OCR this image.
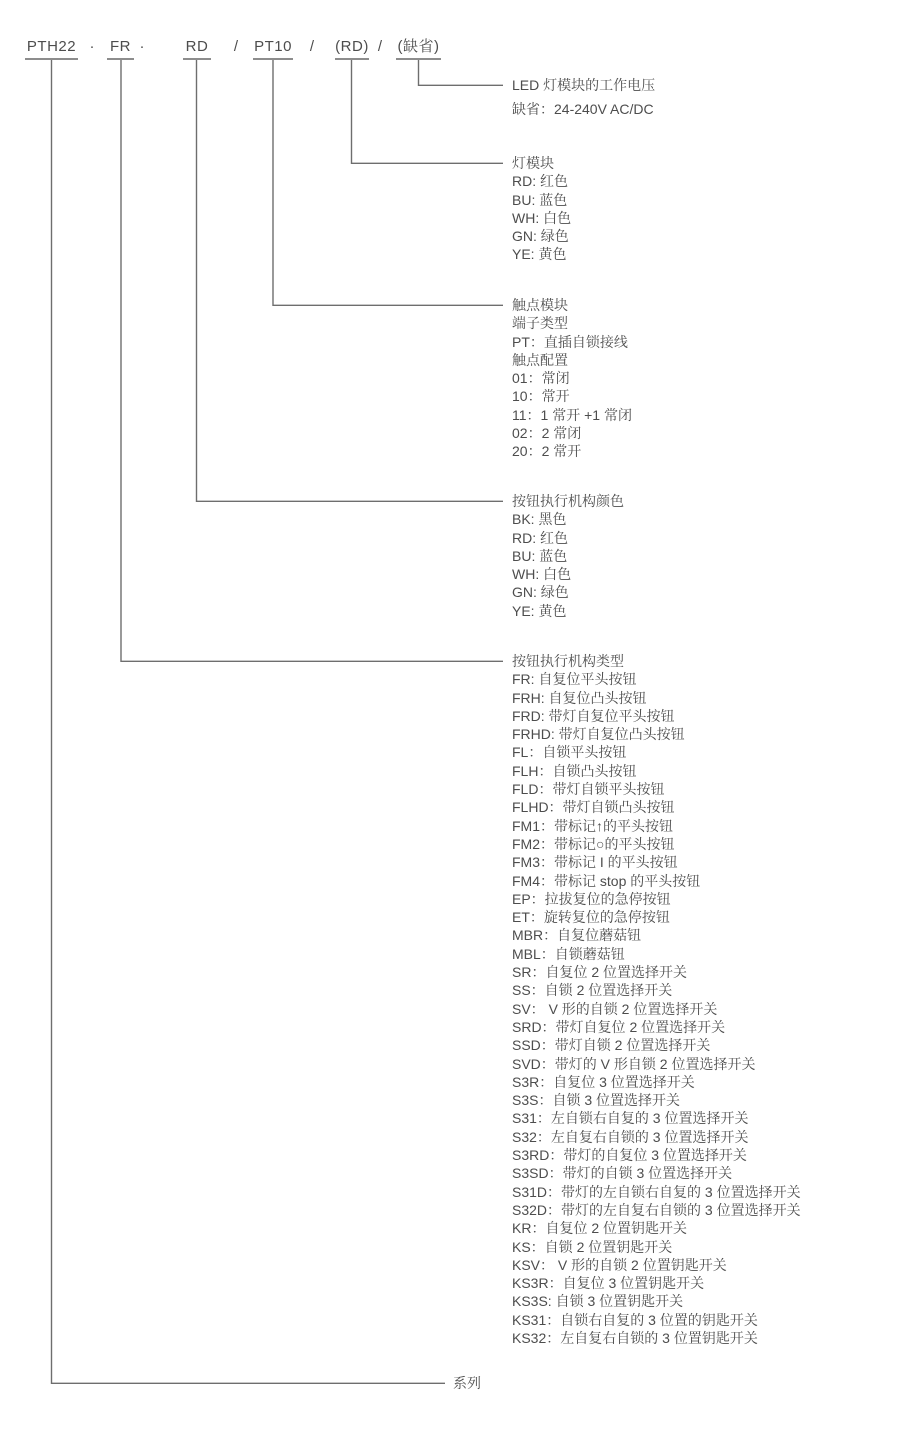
PTH22 · FR ·	RD / PT10 / (RD) / (缺省)
LED 灯模块的工作电压
缺省：24-240V AC/DC
灯模块
RD: 红色
BU: 蓝色
WH: 白色
GN: 绿色
YE: 黄色
触点模块
端子类型
PT：直插自锁接线
触点配置
01：常闭
10：常开
11：1 常开 +1 常闭
02：2 常闭
20：2 常开
按钮执行机构颜色
BK: 黑色
RD: 红色
BU: 蓝色
WH: 白色
GN: 绿色
YE: 黄色
按钮执行机构类型
FR: 自复位平头按钮
FRH: 自复位凸头按钮
FRD: 带灯自复位平头按钮
FRHD: 带灯自复位凸头按钮
FL：自锁平头按钮
FLH：自锁凸头按钮
FLD：带灯自锁平头按钮
FLHD：带灯自锁凸头按钮
FM1：带标记↑的平头按钮
FM2：带标记○的平头按钮
FM3：带标记 I 的平头按钮
FM4：带标记 stop 的平头按钮
EP：拉拔复位的急停按钮
ET：旋转复位的急停按钮
MBR：自复位蘑菇钮
MBL：自锁蘑菇钮
SR：自复位 2 位置选择开关
SS：自锁 2 位置选择开关
SV： V 形的自锁 2 位置选择开关
SRD：带灯自复位 2 位置选择开关
SSD：带灯自锁 2 位置选择开关
SVD：带灯的 V 形自锁 2 位置选择开关
S3R：自复位 3 位置选择开关
S3S：自锁 3 位置选择开关
S31：左自锁右自复的 3 位置选择开关
S32：左自复右自锁的 3 位置选择开关
S3RD：带灯的自复位 3 位置选择开关
S3SD：带灯的自锁 3 位置选择开关
S31D：带灯的左自锁右自复的 3 位置选择开关
S32D：带灯的左自复右自锁的 3 位置选择开关
KR：自复位 2 位置钥匙开关
KS：自锁 2 位置钥匙开关
KSV： V 形的自锁 2 位置钥匙开关
KS3R：自复位 3 位置钥匙开关
KS3S: 自锁 3 位置钥匙开关
KS31：自锁右自复的 3 位置的钥匙开关
KS32：左自复右自锁的 3 位置钥匙开关
系列
